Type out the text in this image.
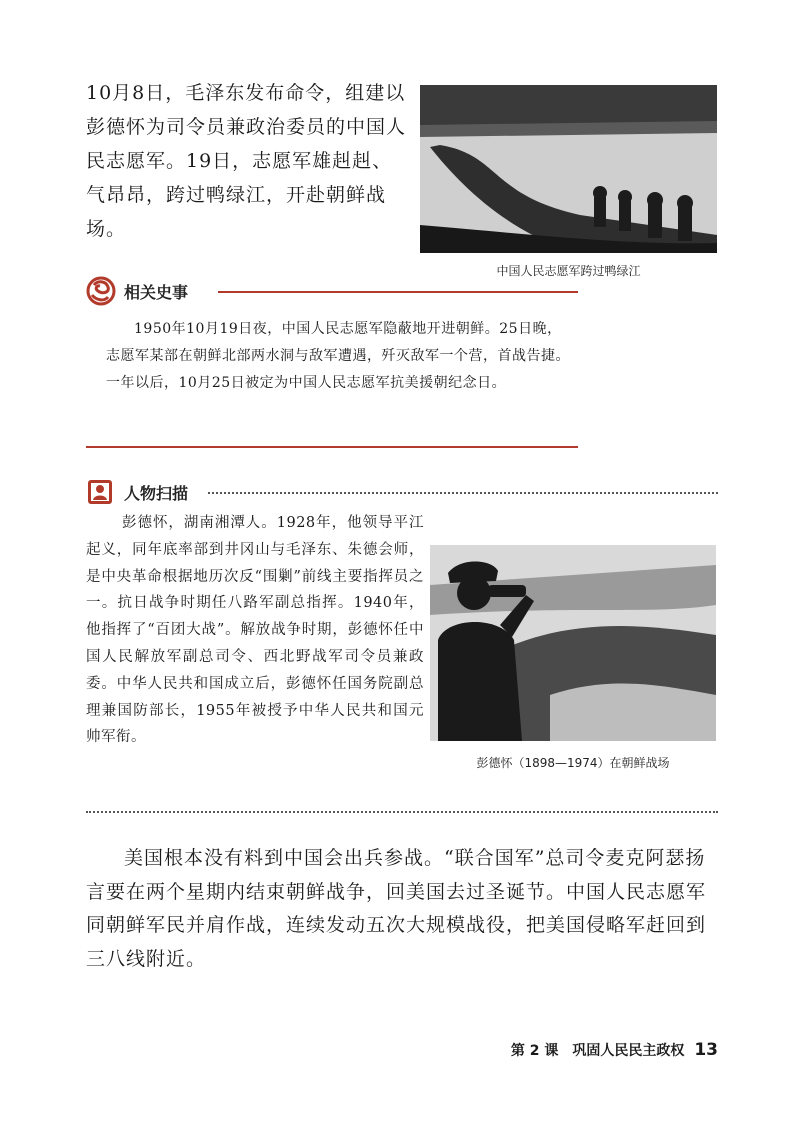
10月8日，毛泽东发布命令，组建以彭德怀为司令员兼政治委员的中国人民志愿军。19日，志愿军雄赳赳、气昂昂，跨过鸭绿江，开赴朝鲜战场。

中国人民志愿军跨过鸭绿江
相关史事

1950年10月19日夜，中国人民志愿军隐蔽地开进朝鲜。25日晚，志愿军某部在朝鲜北部两水洞与敌军遭遇，歼灭敌军一个营，首战告捷。一年以后，10月25日被定为中国人民志愿军抗美援朝纪念日。

人物扫描

彭德怀，湖南湘潭人。1928年，他领导平江起义，同年底率部到井冈山与毛泽东、朱德会师，是中央革命根据地历次反“围剿”前线主要指挥员之一。抗日战争时期任八路军副总指挥。1940年，他指挥了“百团大战”。解放战争时期，彭德怀任中国人民解放军副总司令、西北野战军司令员兼政委。中华人民共和国成立后，彭德怀任国务院副总理兼国防部长，1955年被授予中华人民共和国元帅军衔。

彭德怀（1898—1974）在朝鲜战场

美国根本没有料到中国会出兵参战。“联合国军”总司令麦克阿瑟扬言要在两个星期内结束朝鲜战争，回美国去过圣诞节。中国人民志愿军同朝鲜军民并肩作战，连续发动五次大规模战役，把美国侵略军赶回到三八线附近。

第 2 课　巩固人民民主政权 13
